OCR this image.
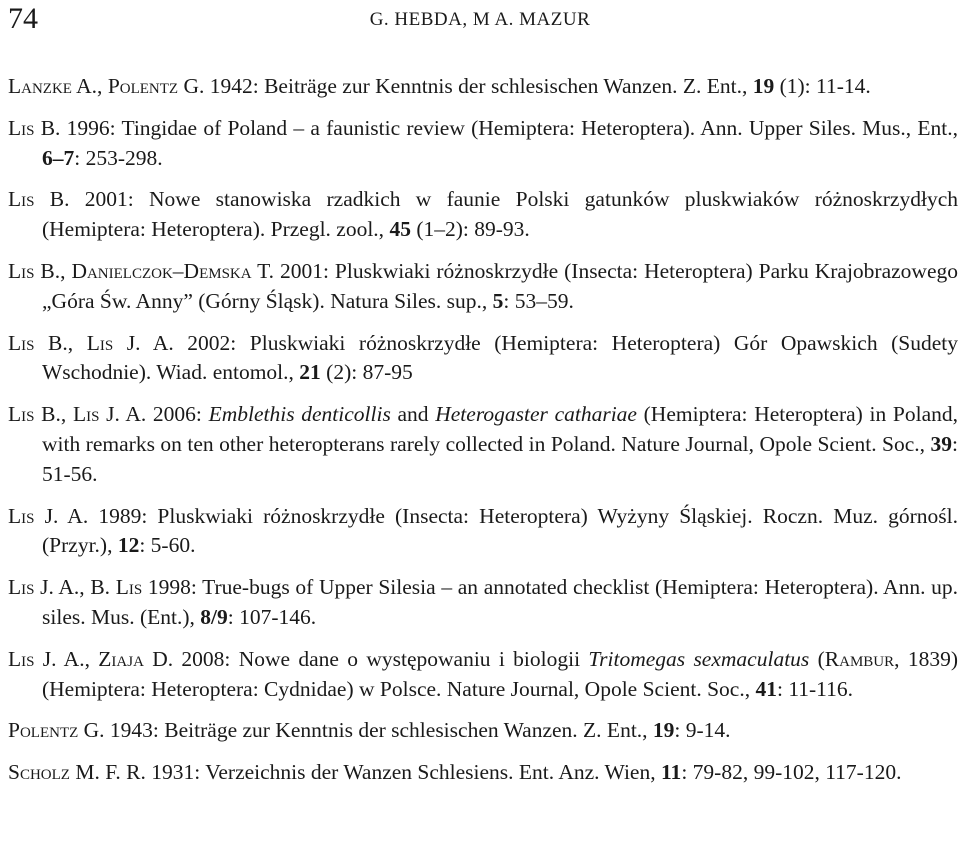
74	G. HEBDA, M A. MAZUR

Lanzke A., Polentz G. 1942: Beiträge zur Kenntnis der schlesischen Wanzen. Z. Ent., 19 (1): 11-14.

Lis B. 1996: Tingidae of Poland – a faunistic review (Hemiptera: Heteroptera). Ann. Upper Siles. Mus., Ent., 6–7: 253-298.

Lis B. 2001: Nowe stanowiska rzadkich w faunie Polski gatunków pluskwiaków różnoskrzydłych (Hemiptera: Heteroptera). Przegl. zool., 45 (1–2): 89-93.

Lis B., Danielczok–Demska T. 2001: Pluskwiaki różnoskrzydłe (Insecta: Heteroptera) Parku Krajobrazowego „Góra Św. Anny” (Górny Śląsk). Natura Siles. sup., 5: 53–59.

Lis B., Lis J. A. 2002: Pluskwiaki różnoskrzydłe (Hemiptera: Heteroptera) Gór Opawskich (Sudety Wschodnie). Wiad. entomol., 21 (2): 87-95

Lis B., Lis J. A. 2006: Emblethis denticollis and Heterogaster cathariae (Hemiptera: Heteroptera) in Poland, with remarks on ten other heteropterans rarely collected in Poland. Nature Journal, Opole Scient. Soc., 39: 51-56.

Lis J. A. 1989: Pluskwiaki różnoskrzydłe (Insecta: Heteroptera) Wyżyny Śląskiej. Roczn. Muz. górnośl. (Przyr.), 12: 5-60.

Lis J. A., B. Lis 1998: True-bugs of Upper Silesia – an annotated checklist (Hemiptera: Heteroptera). Ann. up. siles. Mus. (Ent.), 8/9: 107-146.

Lis J. A., Ziaja D. 2008: Nowe dane o występowaniu i biologii Tritomegas sexmaculatus (Rambur, 1839) (Hemiptera: Heteroptera: Cydnidae) w Polsce. Nature Journal, Opole Scient. Soc., 41: 11-116.

Polentz G. 1943: Beiträge zur Kenntnis der schlesischen Wanzen. Z. Ent., 19: 9-14.

Scholz M. F. R. 1931: Verzeichnis der Wanzen Schlesiens. Ent. Anz. Wien, 11: 79-82, 99-102, 117-120.
